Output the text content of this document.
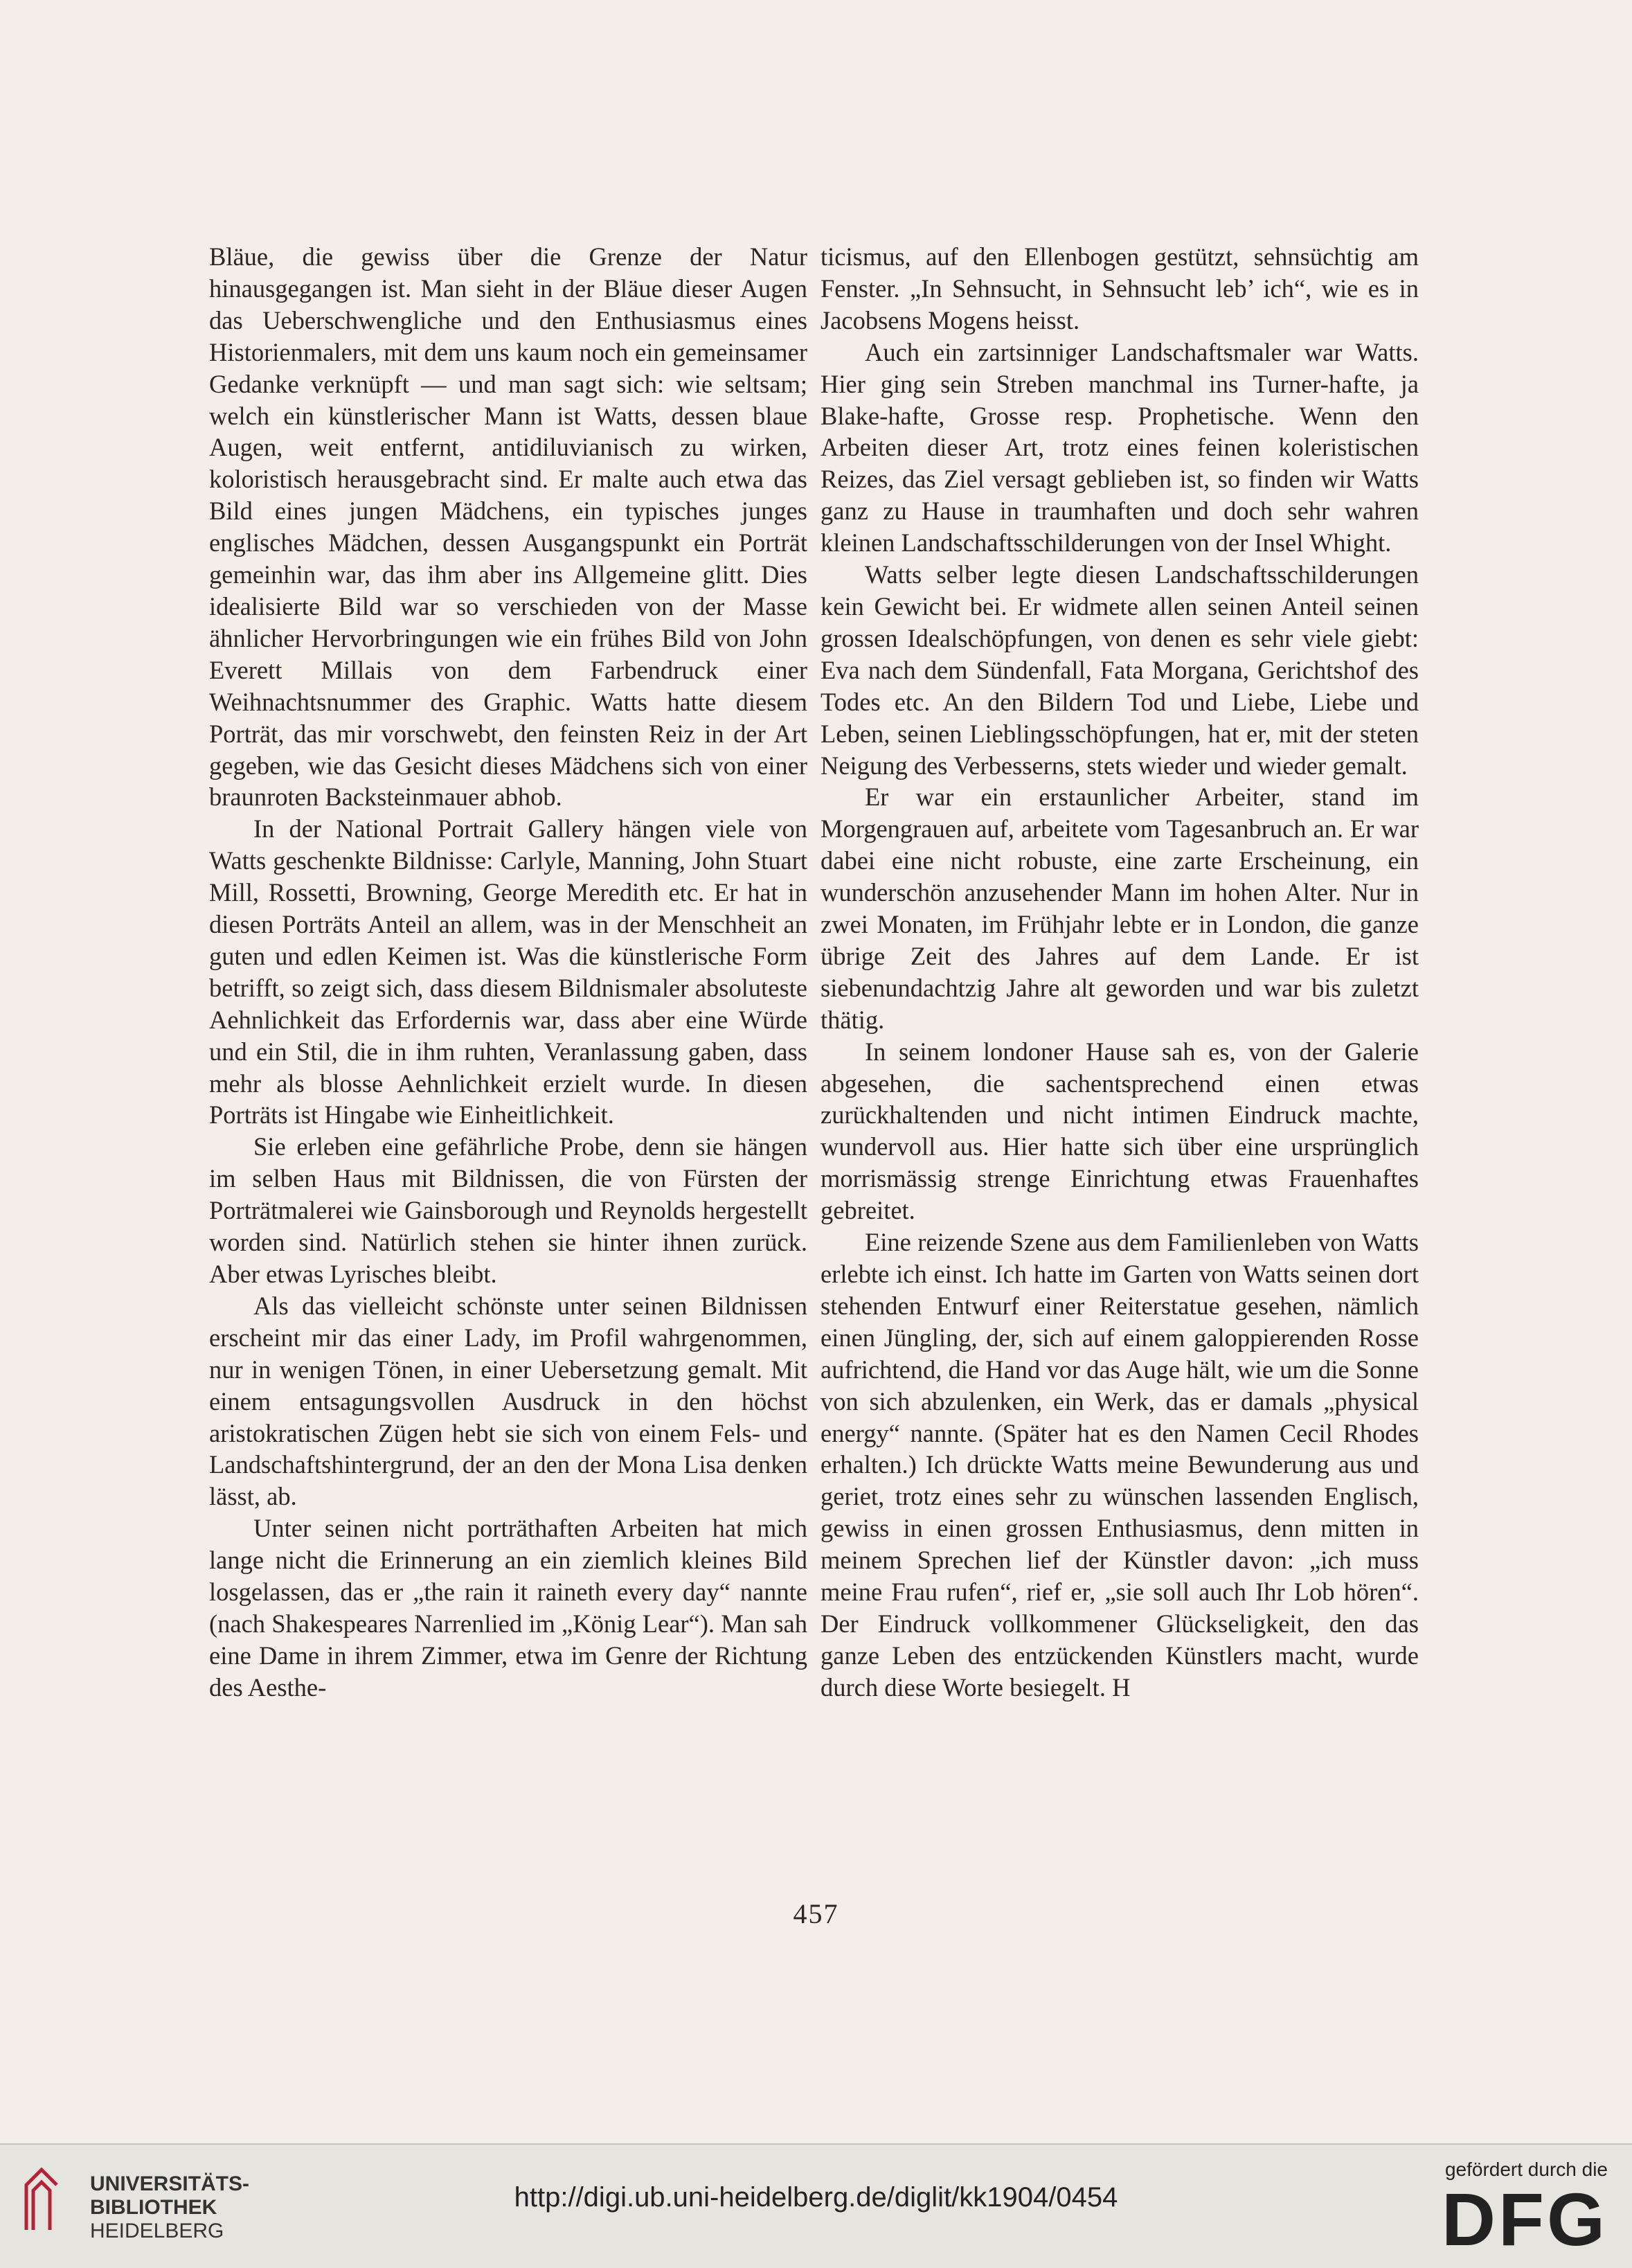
Bläue, die gewiss über die Grenze der Natur hinausgegangen ist. Man sieht in der Bläue dieser Augen das Ueberschwengliche und den Enthusiasmus eines Historienmalers, mit dem uns kaum noch ein gemeinsamer Gedanke verknüpft — und man sagt sich: wie seltsam; welch ein künstlerischer Mann ist Watts, dessen blaue Augen, weit entfernt, antidiluvianisch zu wirken, koloristisch herausgebracht sind. Er malte auch etwa das Bild eines jungen Mädchens, ein typisches junges englisches Mädchen, dessen Ausgangspunkt ein Porträt gemeinhin war, das ihm aber ins Allgemeine glitt. Dies idealisierte Bild war so verschieden von der Masse ähnlicher Hervorbringungen wie ein frühes Bild von John Everett Millais von dem Farbendruck einer Weihnachtsnummer des Graphic. Watts hatte diesem Porträt, das mir vorschwebt, den feinsten Reiz in der Art gegeben, wie das Gesicht dieses Mädchens sich von einer braunroten Backsteinmauer abhob.

In der National Portrait Gallery hängen viele von Watts geschenkte Bildnisse: Carlyle, Manning, John Stuart Mill, Rossetti, Browning, George Meredith etc. Er hat in diesen Porträts Anteil an allem, was in der Menschheit an guten und edlen Keimen ist. Was die künstlerische Form betrifft, so zeigt sich, dass diesem Bildnismaler absoluteste Aehnlichkeit das Erfordernis war, dass aber eine Würde und ein Stil, die in ihm ruhten, Veranlassung gaben, dass mehr als blosse Aehnlichkeit erzielt wurde. In diesen Porträts ist Hingabe wie Einheitlichkeit.

Sie erleben eine gefährliche Probe, denn sie hängen im selben Haus mit Bildnissen, die von Fürsten der Porträtmalerei wie Gainsborough und Reynolds hergestellt worden sind. Natürlich stehen sie hinter ihnen zurück. Aber etwas Lyrisches bleibt.

Als das vielleicht schönste unter seinen Bildnissen erscheint mir das einer Lady, im Profil wahrgenommen, nur in wenigen Tönen, in einer Uebersetzung gemalt. Mit einem entsagungsvollen Ausdruck in den höchst aristokratischen Zügen hebt sie sich von einem Fels- und Landschaftshintergrund, der an den der Mona Lisa denken lässt, ab.

Unter seinen nicht porträthaften Arbeiten hat mich lange nicht die Erinnerung an ein ziemlich kleines Bild losgelassen, das er „the rain it raineth every day“ nannte (nach Shakespeares Narrenlied im „König Lear“). Man sah eine Dame in ihrem Zimmer, etwa im Genre der Richtung des Aesthe-

ticismus, auf den Ellenbogen gestützt, sehnsüchtig am Fenster. „In Sehnsucht, in Sehnsucht leb’ ich“, wie es in Jacobsens Mogens heisst.

Auch ein zartsinniger Landschaftsmaler war Watts. Hier ging sein Streben manchmal ins Turner-hafte, ja Blake-hafte, Grosse resp. Prophetische. Wenn den Arbeiten dieser Art, trotz eines feinen koleristischen Reizes, das Ziel versagt geblieben ist, so finden wir Watts ganz zu Hause in traumhaften und doch sehr wahren kleinen Landschaftsschilderungen von der Insel Whight.

Watts selber legte diesen Landschaftsschilderungen kein Gewicht bei. Er widmete allen seinen Anteil seinen grossen Idealschöpfungen, von denen es sehr viele giebt: Eva nach dem Sündenfall, Fata Morgana, Gerichtshof des Todes etc. An den Bildern Tod und Liebe, Liebe und Leben, seinen Lieblingsschöpfungen, hat er, mit der steten Neigung des Verbesserns, stets wieder und wieder gemalt.

Er war ein erstaunlicher Arbeiter, stand im Morgengrauen auf, arbeitete vom Tagesanbruch an. Er war dabei eine nicht robuste, eine zarte Erscheinung, ein wunderschön anzusehender Mann im hohen Alter. Nur in zwei Monaten, im Frühjahr lebte er in London, die ganze übrige Zeit des Jahres auf dem Lande. Er ist siebenundachtzig Jahre alt geworden und war bis zuletzt thätig.

In seinem londoner Hause sah es, von der Galerie abgesehen, die sachentsprechend einen etwas zurückhaltenden und nicht intimen Eindruck machte, wundervoll aus. Hier hatte sich über eine ursprünglich morrismässig strenge Einrichtung etwas Frauenhaftes gebreitet.

Eine reizende Szene aus dem Familienleben von Watts erlebte ich einst. Ich hatte im Garten von Watts seinen dort stehenden Entwurf einer Reiterstatue gesehen, nämlich einen Jüngling, der, sich auf einem galoppierenden Rosse aufrichtend, die Hand vor das Auge hält, wie um die Sonne von sich abzulenken, ein Werk, das er damals „physical energy“ nannte. (Später hat es den Namen Cecil Rhodes erhalten.) Ich drückte Watts meine Bewunderung aus und geriet, trotz eines sehr zu wünschen lassenden Englisch, gewiss in einen grossen Enthusiasmus, denn mitten in meinem Sprechen lief der Künstler davon: „ich muss meine Frau rufen“, rief er, „sie soll auch Ihr Lob hören“. Der Eindruck vollkommener Glückseligkeit, den das ganze Leben des entzückenden Künstlers macht, wurde durch diese Worte besiegelt. H

457
UNIVERSITÄTS-
BIBLIOTHEK
HEIDELBERG
http://digi.ub.uni-heidelberg.de/diglit/kk1904/0454
gefördert durch die
DFG
